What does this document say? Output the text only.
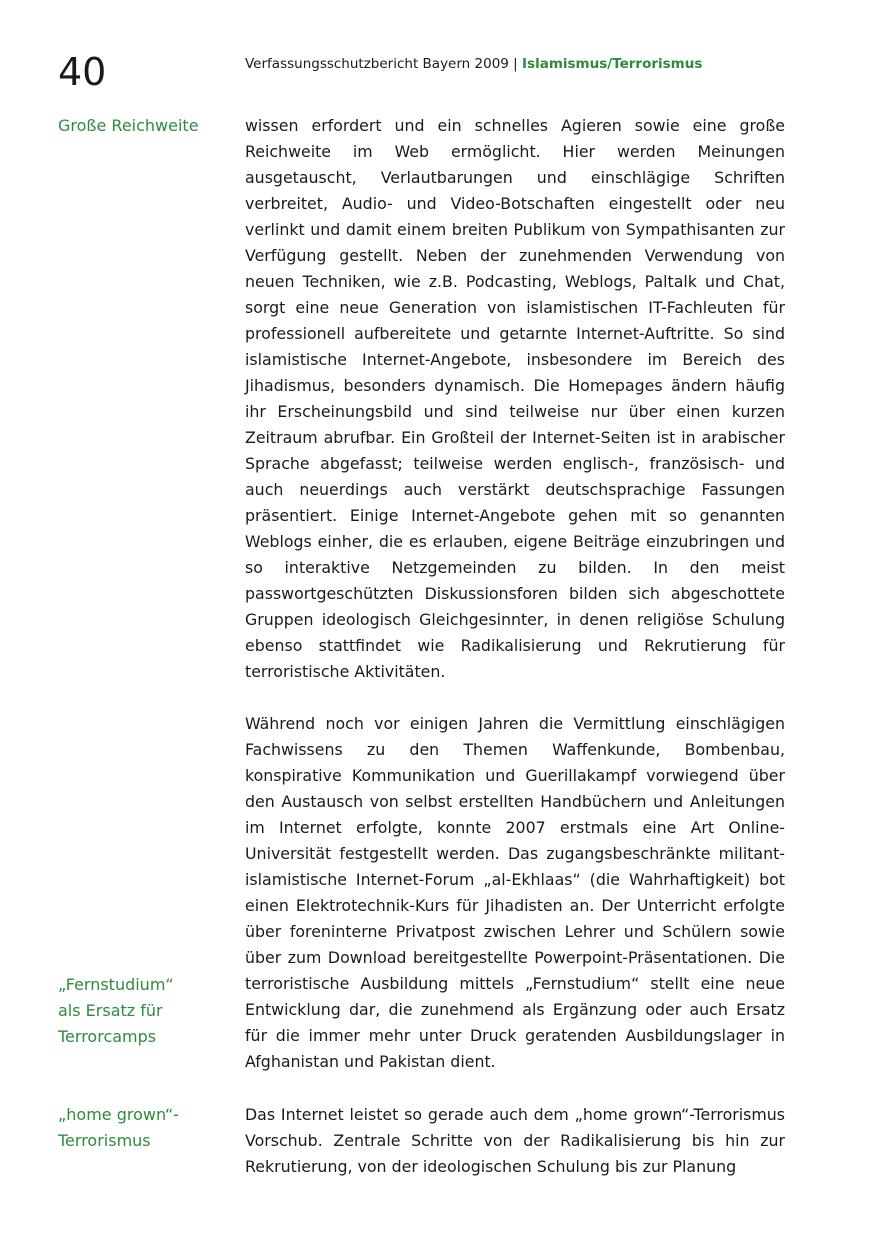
40	Verfassungsschutzbericht Bayern 2009 | Islamismus/Terrorismus
Große Reichweite
„Fernstudium“ als Ersatz für Terrorcamps
„home grown“-Terrorismus

wissen erfordert und ein schnelles Agieren sowie eine große Reichweite im Web ermöglicht. Hier werden Meinungen ausgetauscht, Verlautbarungen und einschlägige Schriften verbreitet, Audio- und Video-Botschaften eingestellt oder neu verlinkt und damit einem breiten Publikum von Sympathisanten zur Verfügung gestellt. Neben der zunehmenden Verwendung von neuen Techniken, wie z.B. Podcasting, Weblogs, Paltalk und Chat, sorgt eine neue Generation von islamistischen IT-Fachleuten für professionell aufbereitete und getarnte Internet-Auftritte. So sind islamistische Internet-Angebote, insbesondere im Bereich des Jihadismus, besonders dynamisch. Die Homepages ändern häufig ihr Erscheinungsbild und sind teilweise nur über einen kurzen Zeitraum abrufbar. Ein Großteil der Internet-Seiten ist in arabischer Sprache abgefasst; teilweise werden englisch-, französisch- und auch neuerdings auch verstärkt deutschsprachige Fassungen präsentiert. Einige Internet-Angebote gehen mit so genannten Weblogs einher, die es erlauben, eigene Beiträge einzubringen und so interaktive Netzgemeinden zu bilden. In den meist passwortgeschützten Diskussionsforen bilden sich abgeschottete Gruppen ideologisch Gleichgesinnter, in denen religiöse Schulung ebenso stattfindet wie Radikalisierung und Rekrutierung für terroristische Aktivitäten.

Während noch vor einigen Jahren die Vermittlung einschlägigen Fachwissens zu den Themen Waffenkunde, Bombenbau, konspirative Kommunikation und Guerillakampf vorwiegend über den Austausch von selbst erstellten Handbüchern und Anleitungen im Internet erfolgte, konnte 2007 erstmals eine Art Online-Universität festgestellt werden. Das zugangsbeschränkte militant-islamistische Internet-Forum „al-Ekhlaas“ (die Wahrhaftigkeit) bot einen Elektrotechnik-Kurs für Jihadisten an. Der Unterricht erfolgte über foreninterne Privatpost zwischen Lehrer und Schülern sowie über zum Download bereitgestellte Powerpoint-Präsentationen. Die terroristische Ausbildung mittels „Fernstudium“ stellt eine neue Entwicklung dar, die zunehmend als Ergänzung oder auch Ersatz für die immer mehr unter Druck geratenden Ausbildungslager in Afghanistan und Pakistan dient.

Das Internet leistet so gerade auch dem „home grown“-Terrorismus Vorschub. Zentrale Schritte von der Radikalisierung bis hin zur Rekrutierung, von der ideologischen Schulung bis zur Planung
